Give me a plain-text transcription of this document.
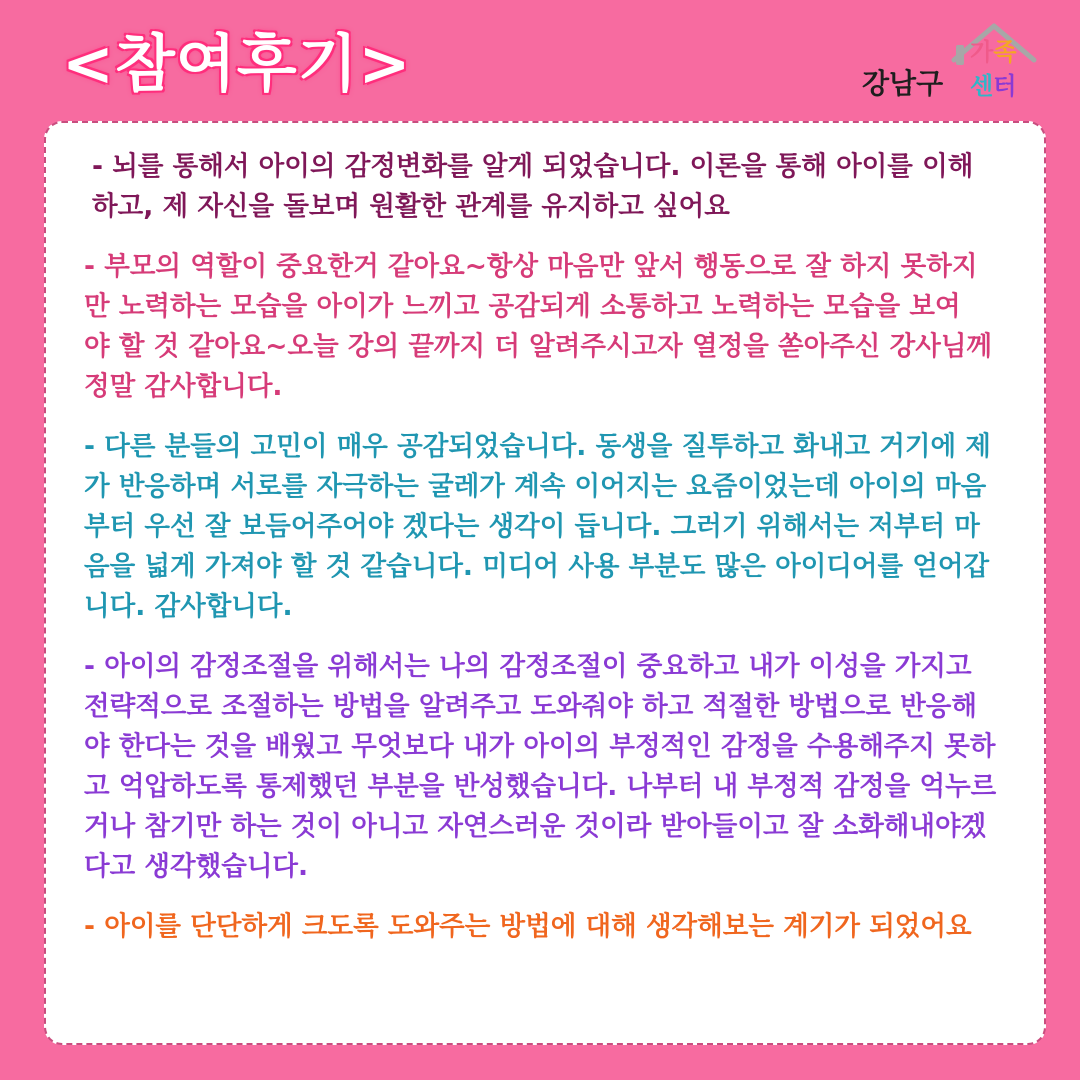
<참여후기>	강남구
가족
센터

- 뇌를 통해서 아이의 감정변화를 알게 되었습니다. 이론을 통해 아이를 이해
하고, 제 자신을 돌보며 원활한 관계를 유지하고 싶어요

- 부모의 역할이 중요한거 같아요~항상 마음만 앞서 행동으로 잘 하지 못하지
만 노력하는 모습을 아이가 느끼고 공감되게 소통하고 노력하는 모습을 보여
야 할 것 같아요~오늘 강의 끝까지 더 알려주시고자 열정을 쏟아주신 강사님께
정말 감사합니다.

- 다른 분들의 고민이 매우 공감되었습니다. 동생을 질투하고 화내고 거기에 제
가 반응하며 서로를 자극하는 굴레가 계속 이어지는 요즘이었는데 아이의 마음
부터 우선 잘 보듬어주어야 겠다는 생각이 듭니다. 그러기 위해서는 저부터 마
음을 넓게 가져야 할 것 같습니다. 미디어 사용 부분도 많은 아이디어를 얻어갑
니다. 감사합니다.

- 아이의 감정조절을 위해서는 나의 감정조절이 중요하고 내가 이성을 가지고
전략적으로 조절하는 방법을 알려주고 도와줘야 하고 적절한 방법으로 반응해
야 한다는 것을 배웠고 무엇보다 내가 아이의 부정적인 감정을 수용해주지 못하
고 억압하도록 통제했던 부분을 반성했습니다. 나부터 내 부정적 감정을 억누르
거나 참기만 하는 것이 아니고 자연스러운 것이라 받아들이고 잘 소화해내야겠
다고 생각했습니다.

- 아이를 단단하게 크도록 도와주는 방법에 대해 생각해보는 계기가 되었어요
